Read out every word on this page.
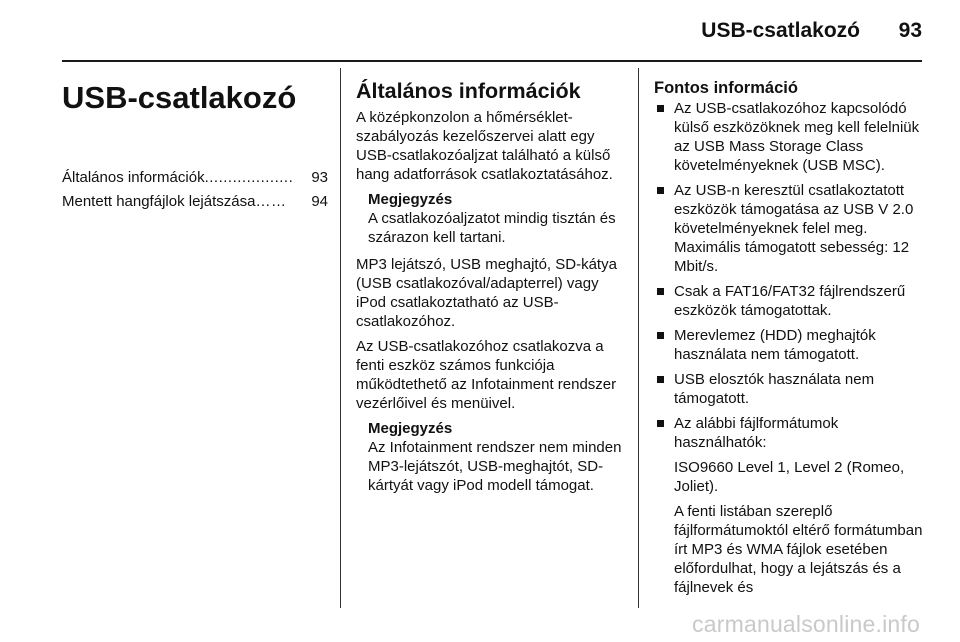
USB-csatlakozó 93
USB-csatlakozó
Általános információk ...................	93
Mentett hangfájlok lejátszása ……	94
Általános információk

A középkonzolon a hőmérséklet-szabályozás kezelőszervei alatt egy USB-csatlakozóaljzat található a külső hang adatforrások csatlakoztatásához.

Megjegyzés
A csatlakozóaljzatot mindig tisztán és szárazon kell tartani.

MP3 lejátszó, USB meghajtó, SD-kátya (USB csatlakozóval/adapterrel) vagy iPod csatlakoztatható az USB-csatlakozóhoz.

Az USB-csatlakozóhoz csatlakozva a fenti eszköz számos funkciója működtethető az Infotainment rendszer vezérlőivel és menüivel.

Megjegyzés
Az Infotainment rendszer nem minden MP3-lejátszót, USB-meghajtót, SD-kártyát vagy iPod modell támogat.
Fontos információ
Az USB-csatlakozóhoz kapcsolódó külső eszközöknek meg kell felelniük az USB Mass Storage Class követelményeknek (USB MSC).
Az USB-n keresztül csatlakoztatott eszközök támogatása az USB V 2.0 követelményeknek felel meg. Maximális támogatott sebesség: 12 Mbit/s.
Csak a FAT16/FAT32 fájlrendszerű eszközök támogatottak.
Merevlemez (HDD) meghajtók használata nem támogatott.
USB elosztók használata nem támogatott.
Az alábbi fájlformátumok használhatók:

ISO9660 Level 1, Level 2 (Romeo, Joliet).

A fenti listában szereplő fájlformátumoktól eltérő formátumban írt MP3 és WMA fájlok esetében előfordulhat, hogy a lejátszás és a fájlnevek és

carmanualsonline.info
